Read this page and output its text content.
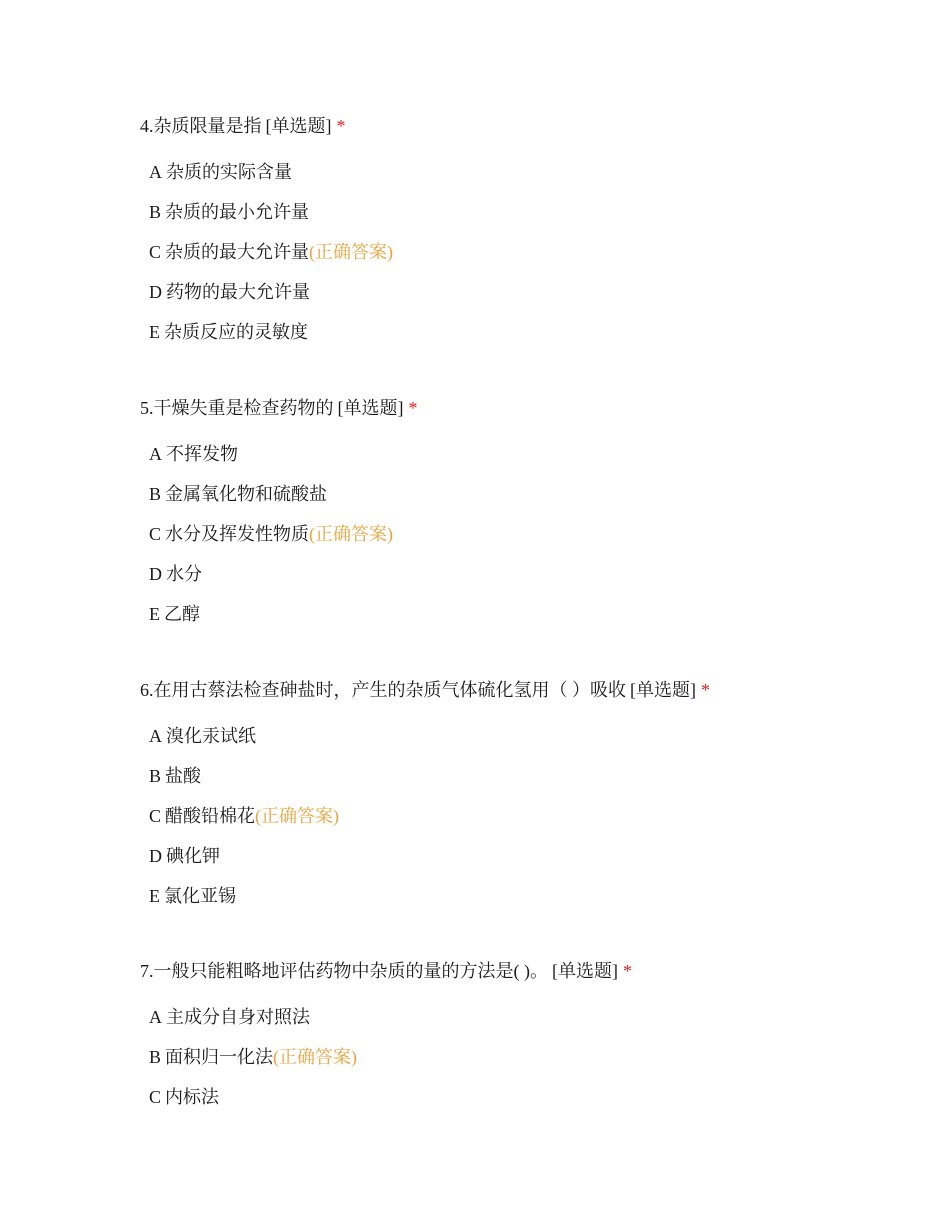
4.杂质限量是指 [单选题] *
A 杂质的实际含量
B 杂质的最小允许量
C 杂质的最大允许量(正确答案)
D 药物的最大允许量
E 杂质反应的灵敏度
5.干燥失重是检查药物的 [单选题] *
A 不挥发物
B 金属氧化物和硫酸盐
C 水分及挥发性物质(正确答案)
D 水分
E 乙醇
6.在用古蔡法检查砷盐时，产生的杂质气体硫化氢用（ ）吸收 [单选题] *
A 溴化汞试纸
B 盐酸
C 醋酸铅棉花(正确答案)
D 碘化钾
E 氯化亚锡
7.一般只能粗略地评估药物中杂质的量的方法是( )。 [单选题] *
A 主成分自身对照法
B 面积归一化法(正确答案)
C 内标法
